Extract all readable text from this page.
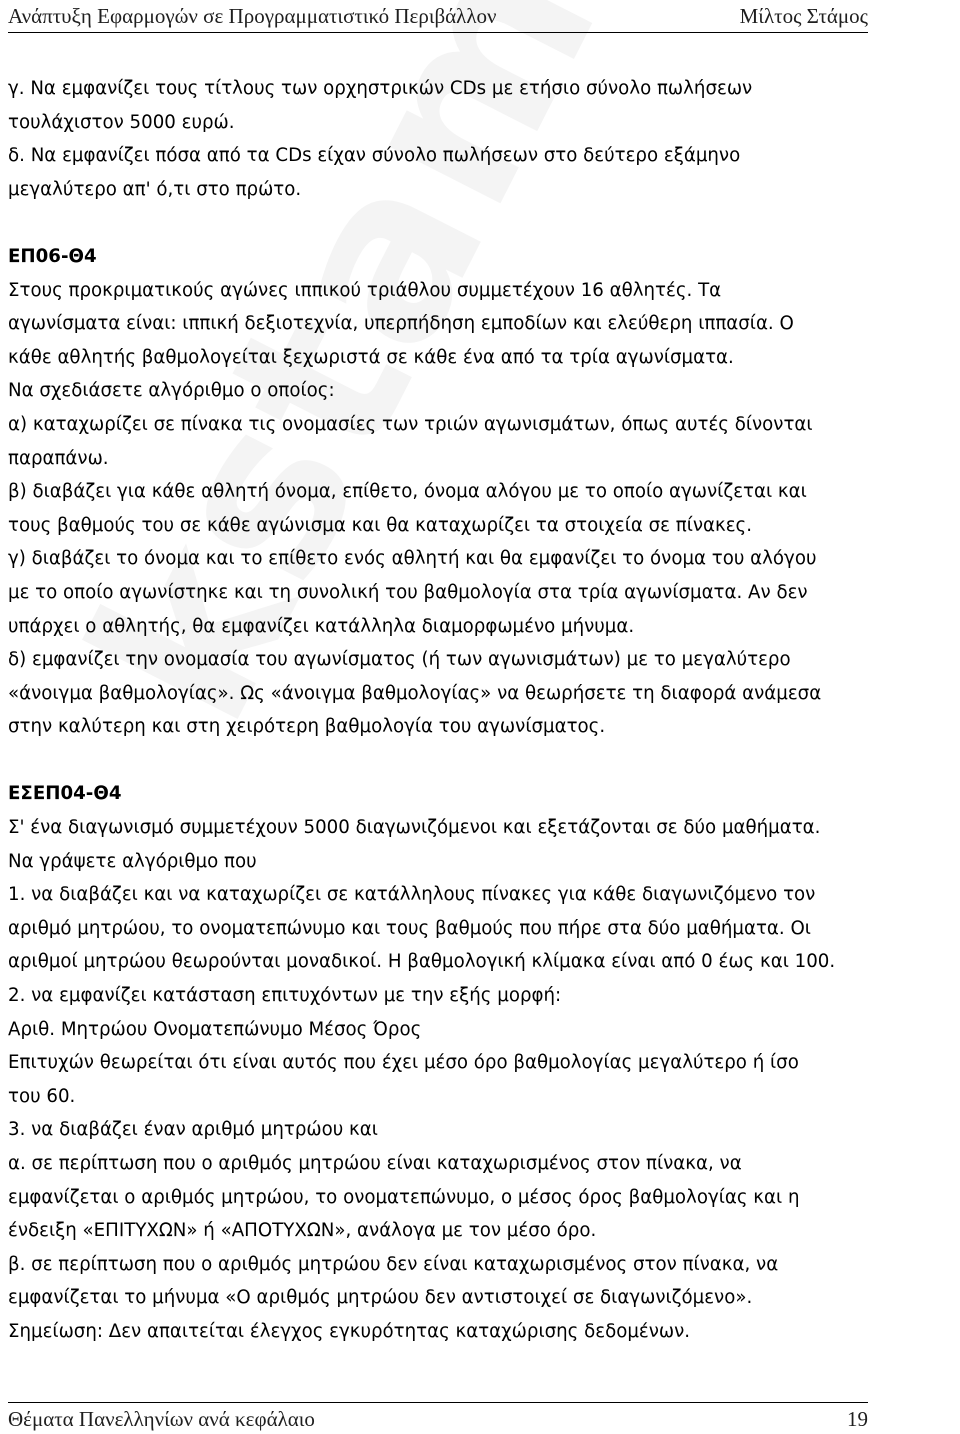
Ανάπτυξη Εφαρμογών σε Προγραμματιστικό Περιβάλλον	Μίλτος Στάμος
γ. Να εμφανίζει τους τίτλους των ορχηστρικών CDs με ετήσιο σύνολο πωλήσεων
τουλάχιστον 5000 ευρώ.
δ. Να εμφανίζει πόσα από τα CDs είχαν σύνολο πωλήσεων στο δεύτερο εξάμηνο
μεγαλύτερο απ' ό,τι στο πρώτο.
ΕΠ06-Θ4
Στους προκριματικούς αγώνες ιππικού τριάθλου συμμετέχουν 16 αθλητές. Τα
αγωνίσματα είναι: ιππική δεξιοτεχνία, υπερπήδηση εμποδίων και ελεύθερη ιππασία. Ο
κάθε αθλητής βαθμολογείται ξεχωριστά σε κάθε ένα από τα τρία αγωνίσματα.
Να σχεδιάσετε αλγόριθμο ο οποίος:
α) καταχωρίζει σε πίνακα τις ονομασίες των τριών αγωνισμάτων, όπως αυτές δίνονται
παραπάνω.
β) διαβάζει για κάθε αθλητή όνομα, επίθετο, όνομα αλόγου με το οποίο αγωνίζεται και
τους βαθμούς του σε κάθε αγώνισμα και θα καταχωρίζει τα στοιχεία σε πίνακες.
γ) διαβάζει το όνομα και το επίθετο ενός αθλητή και θα εμφανίζει το όνομα του αλόγου
με το οποίο αγωνίστηκε και τη συνολική του βαθμολογία στα τρία αγωνίσματα. Αν δεν
υπάρχει ο αθλητής, θα εμφανίζει κατάλληλα διαμορφωμένο μήνυμα.
δ) εμφανίζει την ονομασία του αγωνίσματος (ή των αγωνισμάτων) με το μεγαλύτερο
«άνοιγμα βαθμολογίας». Ως «άνοιγμα βαθμολογίας» να θεωρήσετε τη διαφορά ανάμεσα
στην καλύτερη και στη χειρότερη βαθμολογία του αγωνίσματος.
ΕΣΕΠ04-Θ4
Σ' ένα διαγωνισμό συμμετέχουν 5000 διαγωνιζόμενοι και εξετάζονται σε δύο μαθήματα.
Να γράψετε αλγόριθμο που
1. να διαβάζει και να καταχωρίζει σε κατάλληλους πίνακες για κάθε διαγωνιζόμενο τον
αριθμό μητρώου, το ονοματεπώνυμο και τους βαθμούς που πήρε στα δύο μαθήματα. Οι
αριθμοί μητρώου θεωρούνται μοναδικοί. Η βαθμολογική κλίμακα είναι από 0 έως και 100.
2. να εμφανίζει κατάσταση επιτυχόντων με την εξής μορφή:
Αριθ. Μητρώου Ονοματεπώνυμο Μέσος Όρος
Επιτυχών θεωρείται ότι είναι αυτός που έχει μέσο όρο βαθμολογίας μεγαλύτερο ή ίσο
του 60.
3. να διαβάζει έναν αριθμό μητρώου και
α. σε περίπτωση που ο αριθμός μητρώου είναι καταχωρισμένος στον πίνακα, να
εμφανίζεται ο αριθμός μητρώου, το ονοματεπώνυμο, ο μέσος όρος βαθμολογίας και η
ένδειξη «ΕΠΙΤΥΧΩΝ» ή «ΑΠΟΤΥΧΩΝ», ανάλογα με τον μέσο όρο.
β. σε περίπτωση που ο αριθμός μητρώου δεν είναι καταχωρισμένος στον πίνακα, να
εμφανίζεται το μήνυμα «Ο αριθμός μητρώου δεν αντιστοιχεί σε διαγωνιζόμενο».
Σημείωση: Δεν απαιτείται έλεγχος εγκυρότητας καταχώρισης δεδομένων.
Θέματα Πανελληνίων ανά κεφάλαιο	19
